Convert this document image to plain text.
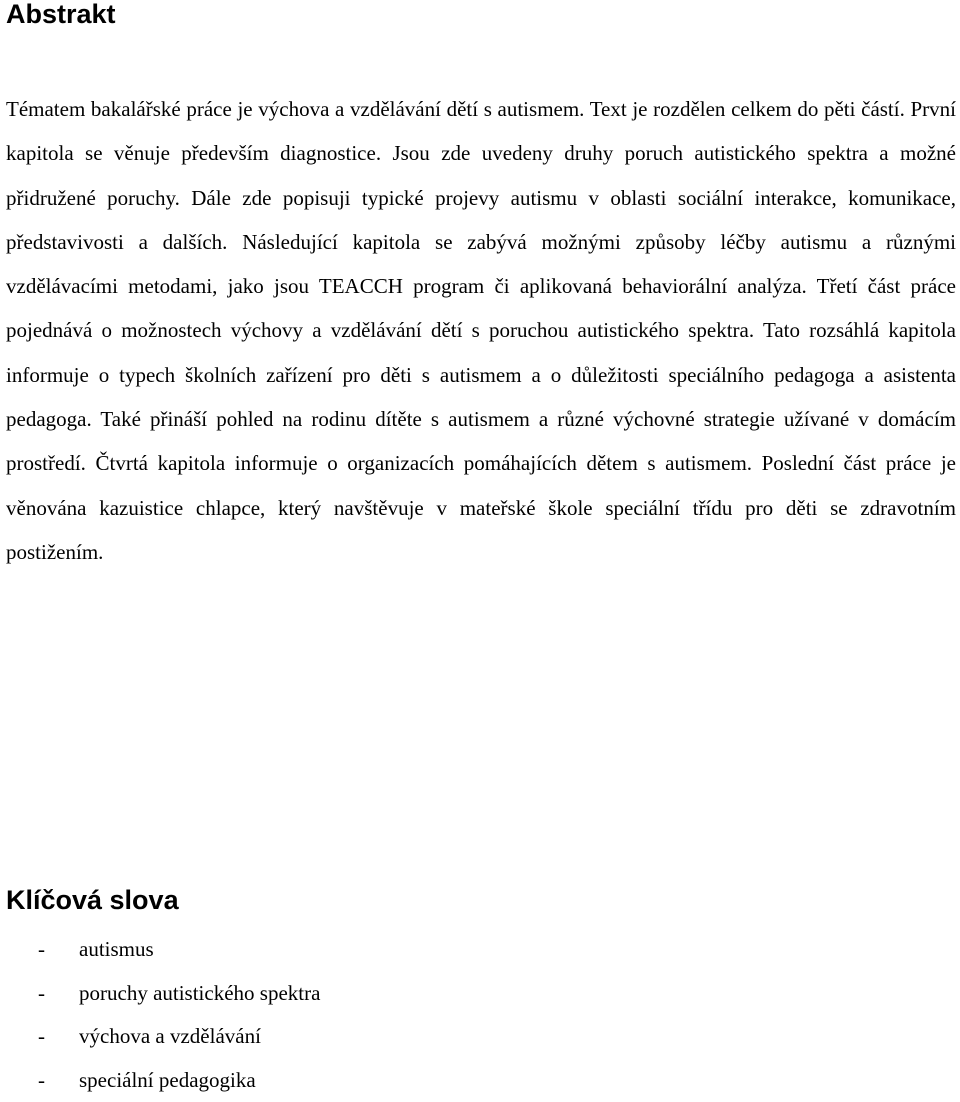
Abstrakt

Tématem bakalářské práce je výchova a vzdělávání dětí s autismem. Text je rozdělen celkem do pěti částí. První kapitola se věnuje především diagnostice. Jsou zde uvedeny druhy poruch autistického spektra a možné přidružené poruchy. Dále zde popisuji typické projevy autismu v oblasti sociální interakce, komunikace, představivosti a dalších. Následující kapitola se zabývá možnými způsoby léčby autismu a různými vzdělávacími metodami, jako jsou TEACCH program či aplikovaná behaviorální analýza. Třetí část práce pojednává o možnostech výchovy a vzdělávání dětí s poruchou autistického spektra. Tato rozsáhlá kapitola informuje o typech školních zařízení pro děti s autismem a o důležitosti speciálního pedagoga a asistenta pedagoga. Také přináší pohled na rodinu dítěte s autismem a různé výchovné strategie užívané v domácím prostředí. Čtvrtá kapitola informuje o organizacích pomáhajících dětem s autismem. Poslední část práce je věnována kazuistice chlapce, který navštěvuje v mateřské škole speciální třídu pro děti se zdravotním postižením.

Klíčová slova
-	autismus
-	poruchy autistického spektra
-	výchova a vzdělávání
-	speciální pedagogika
